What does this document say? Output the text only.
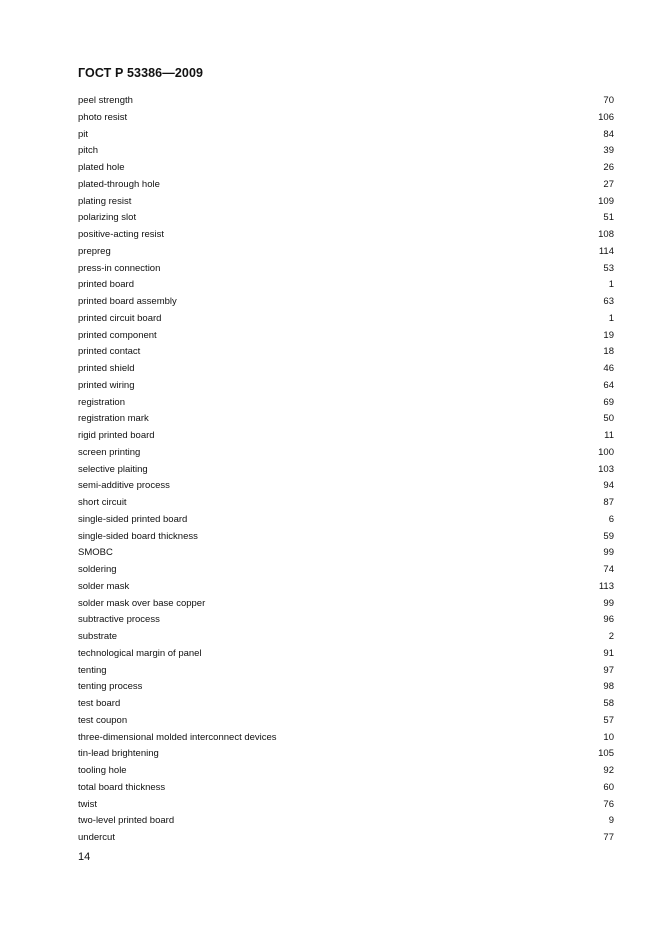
ГОСТ Р 53386—2009
peel strength	70
photo resist	106
pit	84
pitch	39
plated hole	26
plated-through hole	27
plating resist	109
polarizing slot	51
positive-acting resist	108
prepreg	114
press-in connection	53
printed board	1
printed board assembly	63
printed circuit board	1
printed component	19
printed contact	18
printed shield	46
printed wiring	64
registration	69
registration mark	50
rigid printed board	11
screen printing	100
selective plaiting	103
semi-additive process	94
short circuit	87
single-sided printed board	6
single-sided board thickness	59
SMOBC	99
soldering	74
solder mask	113
solder mask over base copper	99
subtractive process	96
substrate	2
technological margin of panel	91
tenting	97
tenting process	98
test board	58
test coupon	57
three-dimensional molded interconnect devices	10
tin-lead brightening	105
tooling hole	92
total board thickness	60
twist	76
two-level printed board	9
undercut	77
14
